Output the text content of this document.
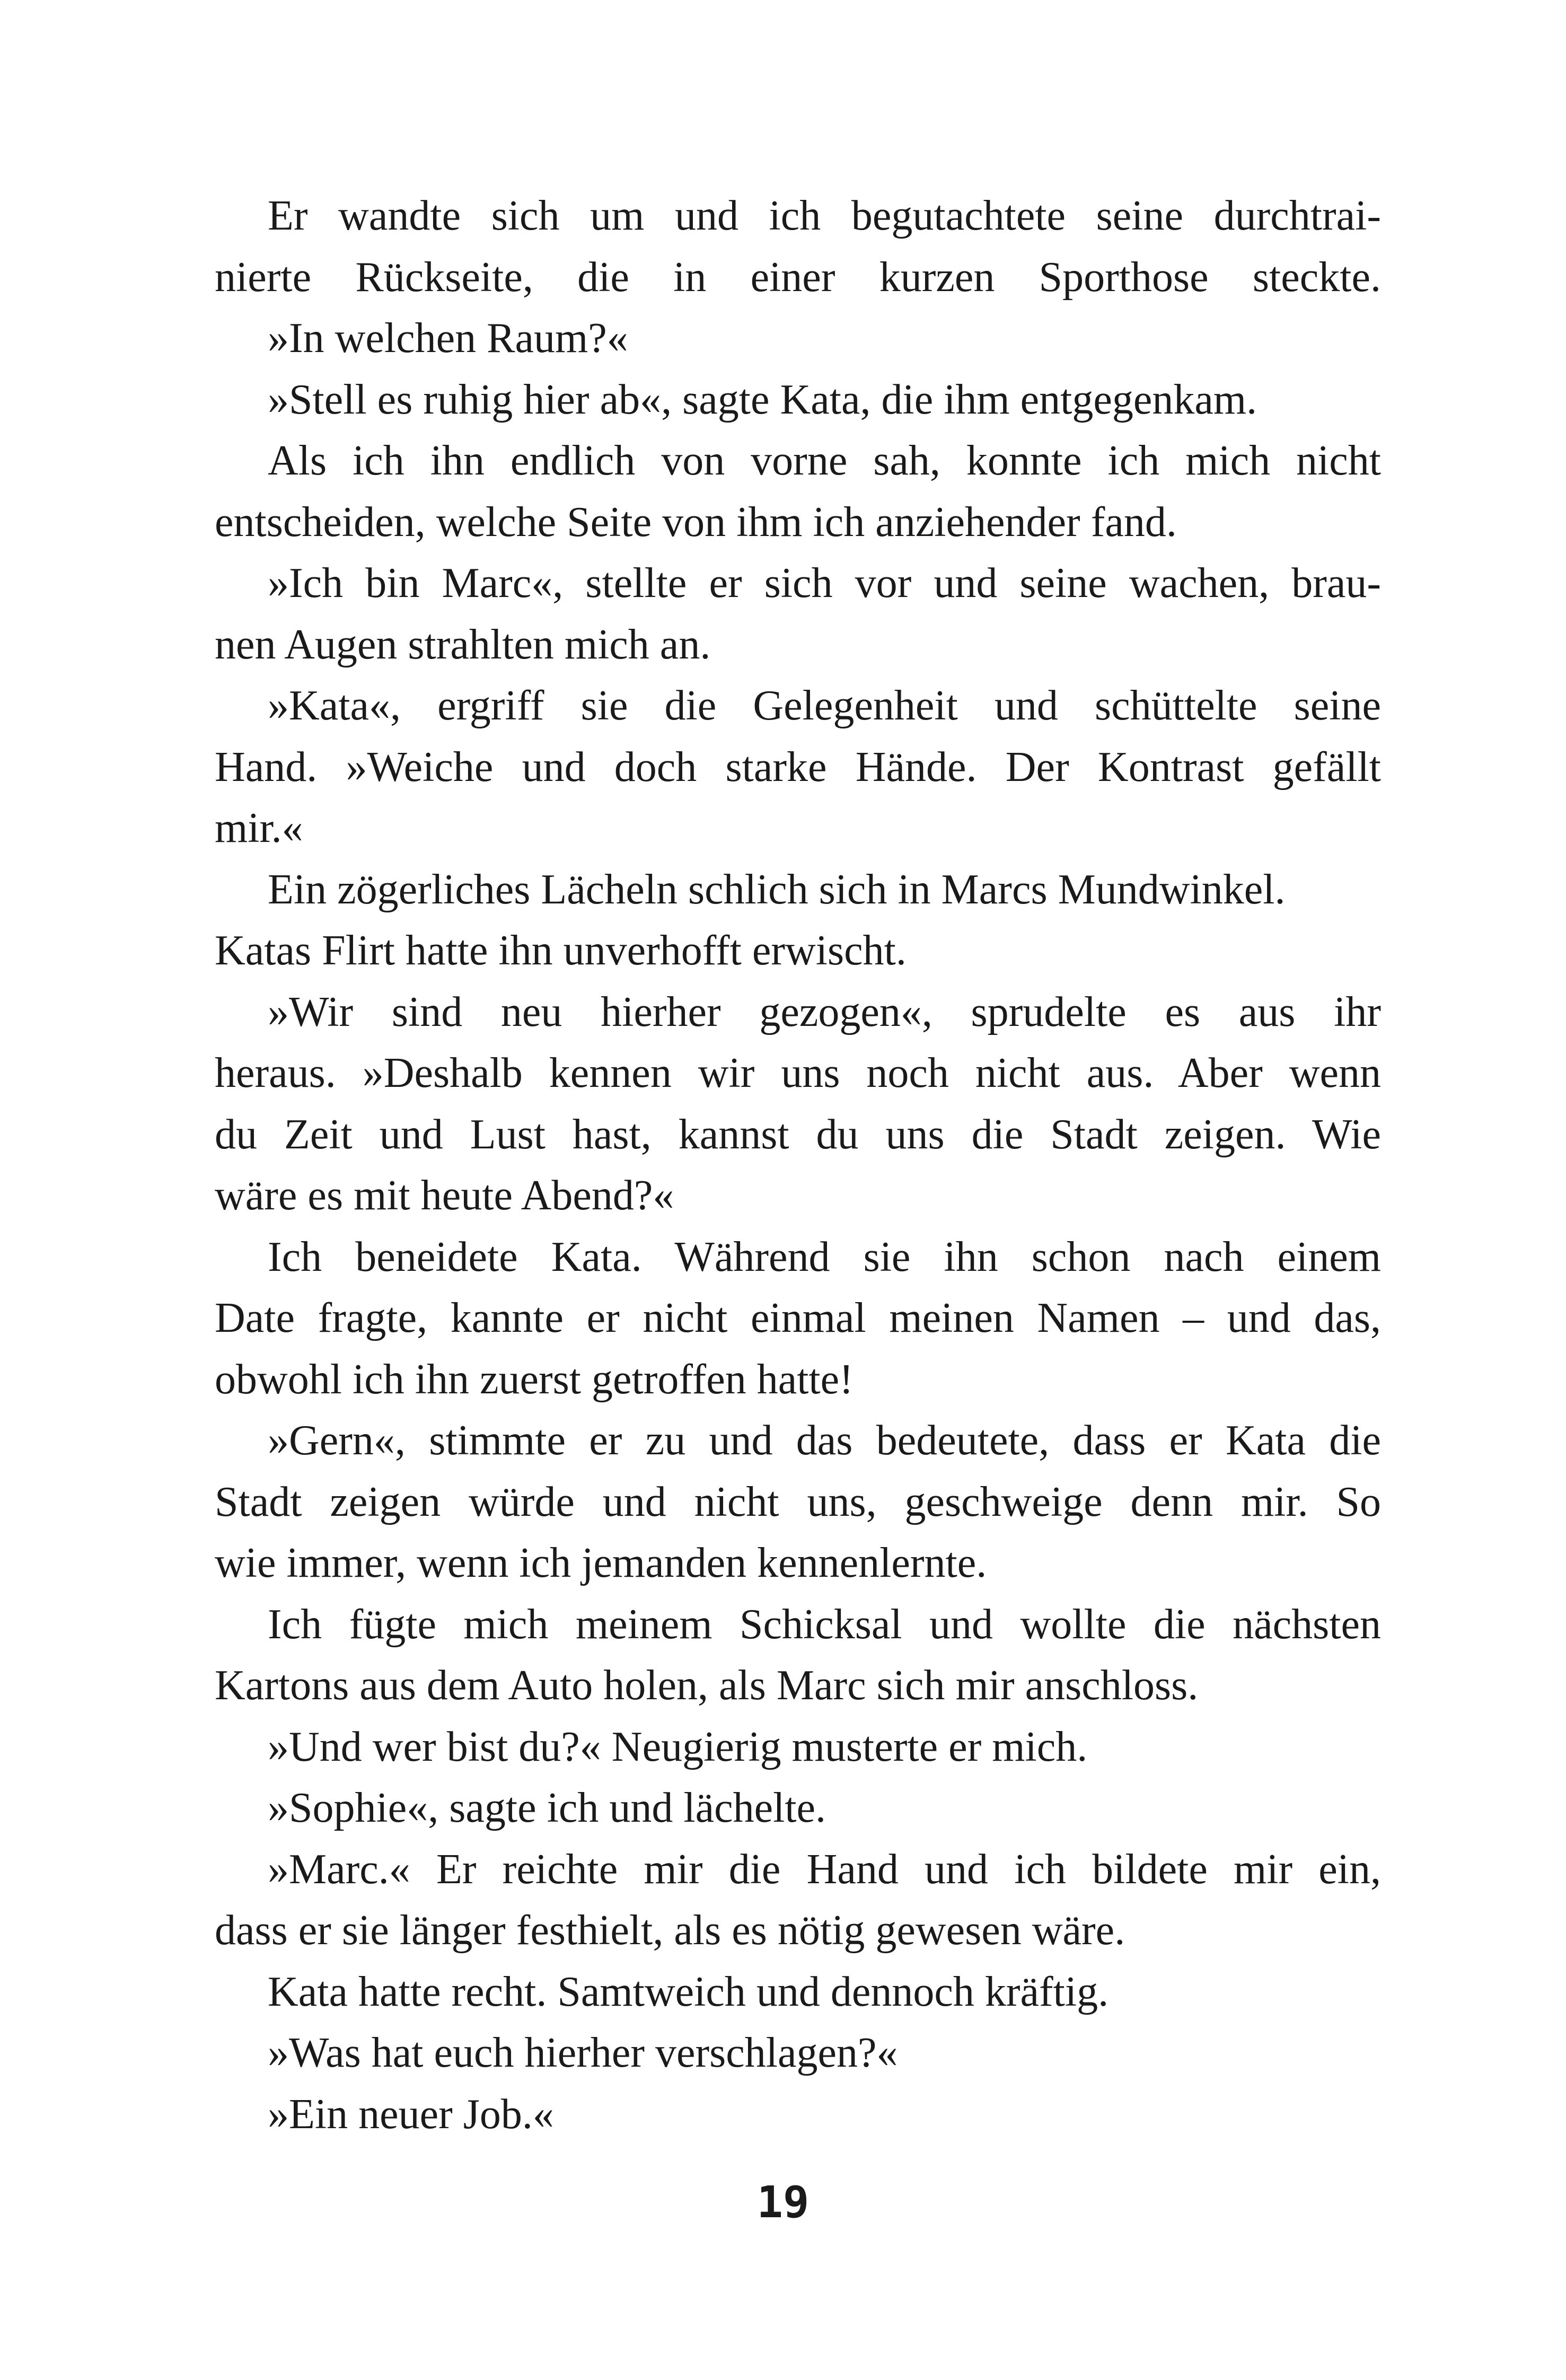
Er wandte sich um und ich begutachtete seine durchtrai-
nierte Rückseite, die in einer kurzen Sporthose steckte.
»In welchen Raum?«
»Stell es ruhig hier ab«, sagte Kata, die ihm entgegenkam.
Als ich ihn endlich von vorne sah, konnte ich mich nicht
entscheiden, welche Seite von ihm ich anziehender fand.
»Ich bin Marc«, stellte er sich vor und seine wachen, brau-
nen Augen strahlten mich an.
»Kata«, ergriff sie die Gelegenheit und schüttelte seine
Hand. »Weiche und doch starke Hände. Der Kontrast gefällt
mir.«
Ein zögerliches Lächeln schlich sich in Marcs Mundwinkel.
Katas Flirt hatte ihn unverhofft erwischt.
»Wir sind neu hierher gezogen«, sprudelte es aus ihr
heraus. »Deshalb kennen wir uns noch nicht aus. Aber wenn
du Zeit und Lust hast, kannst du uns die Stadt zeigen. Wie
wäre es mit heute Abend?«
Ich beneidete Kata. Während sie ihn schon nach einem
Date fragte, kannte er nicht einmal meinen Namen – und das,
obwohl ich ihn zuerst getroffen hatte!
»Gern«, stimmte er zu und das bedeutete, dass er Kata die
Stadt zeigen würde und nicht uns, geschweige denn mir. So
wie immer, wenn ich jemanden kennenlernte.
Ich fügte mich meinem Schicksal und wollte die nächsten
Kartons aus dem Auto holen, als Marc sich mir anschloss.
»Und wer bist du?« Neugierig musterte er mich.
»Sophie«, sagte ich und lächelte.
»Marc.« Er reichte mir die Hand und ich bildete mir ein,
dass er sie länger festhielt, als es nötig gewesen wäre.
Kata hatte recht. Samtweich und dennoch kräftig.
»Was hat euch hierher verschlagen?«
»Ein neuer Job.«
19
